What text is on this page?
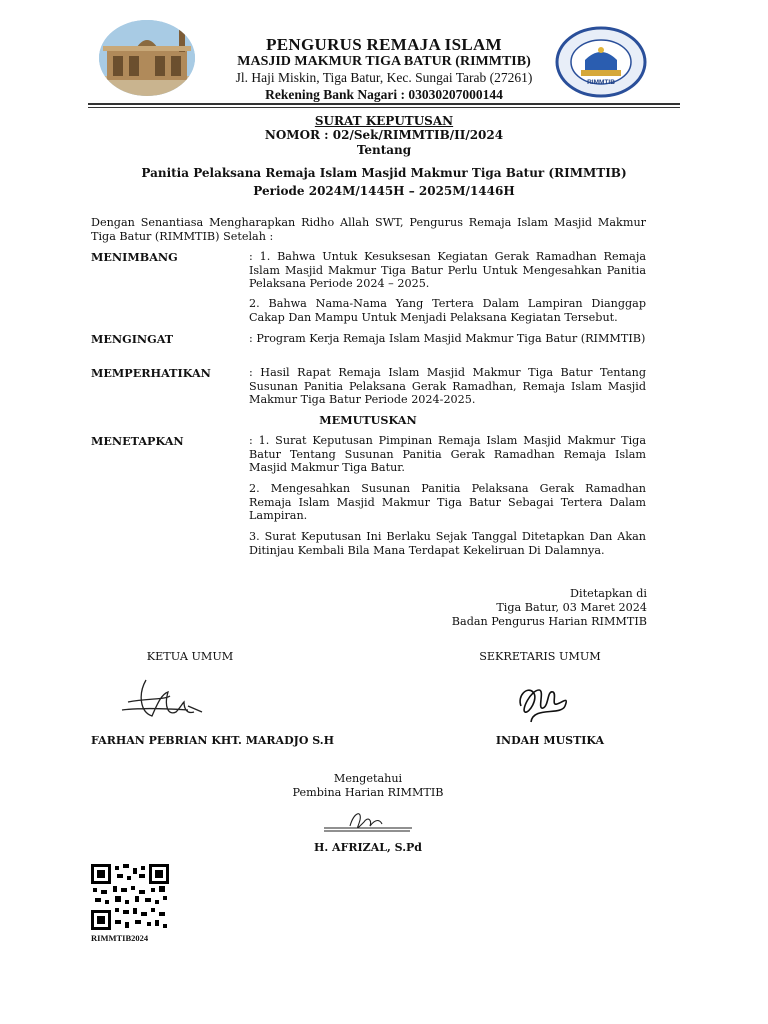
RIMMTIB
PENGURUS REMAJA ISLAM
MASJID MAKMUR TIGA BATUR (RIMMTIB)
Jl. Haji Miskin, Tiga Batur, Kec. Sungai Tarab (27261)
Rekening Bank Nagari : 03030207000144
SURAT KEPUTUSAN
NOMOR : 02/Sek/RIMMTIB/II/2024
Tentang
Panitia Pelaksana Remaja Islam Masjid Makmur Tiga Batur (RIMMTIB)
Periode 2024M/1445H – 2025M/1446H
Dengan Senantiasa Mengharapkan Ridho Allah SWT, Pengurus Remaja Islam Masjid Makmur Tiga Batur (RIMMTIB) Setelah :
MENIMBANG	: 1. Bahwa Untuk Kesuksesan Kegiatan Gerak Ramadhan Remaja Islam Masjid Makmur Tiga Batur Perlu Untuk Mengesahkan Panitia Pelaksana Periode 2024 – 2025.
2. Bahwa Nama-Nama Yang Tertera Dalam Lampiran Dianggap Cakap Dan Mampu Untuk Menjadi Pelaksana Kegiatan Tersebut.
MENGINGAT	: Program Kerja Remaja Islam Masjid Makmur Tiga Batur (RIMMTIB)
MEMPERHATIKAN	: Hasil Rapat Remaja Islam Masjid Makmur Tiga Batur Tentang Susunan Panitia Pelaksana Gerak Ramadhan, Remaja Islam Masjid Makmur Tiga Batur Periode 2024-2025.
MEMUTUSKAN
MENETAPKAN	: 1. Surat Keputusan Pimpinan Remaja Islam Masjid Makmur Tiga Batur Tentang Susunan Panitia Gerak Ramadhan Remaja Islam Masjid Makmur Tiga Batur.
2. Mengesahkan Susunan Panitia Pelaksana Gerak Ramadhan Remaja Islam Masjid Makmur Tiga Batur Sebagai Tertera Dalam Lampiran.
3. Surat Keputusan Ini Berlaku Sejak Tanggal Ditetapkan Dan Akan Ditinjau Kembali Bila Mana Terdapat Kekeliruan Di Dalamnya.
Ditetapkan di
Tiga Batur, 03 Maret 2024
Badan Pengurus Harian RIMMTIB
KETUA UMUM	SEKRETARIS UMUM
FARHAN PEBRIAN KHT. MARADJO S.H	INDAH MUSTIKA
Mengetahui
Pembina Harian RIMMTIB
H. AFRIZAL, S.Pd
RIMMTIB2024
